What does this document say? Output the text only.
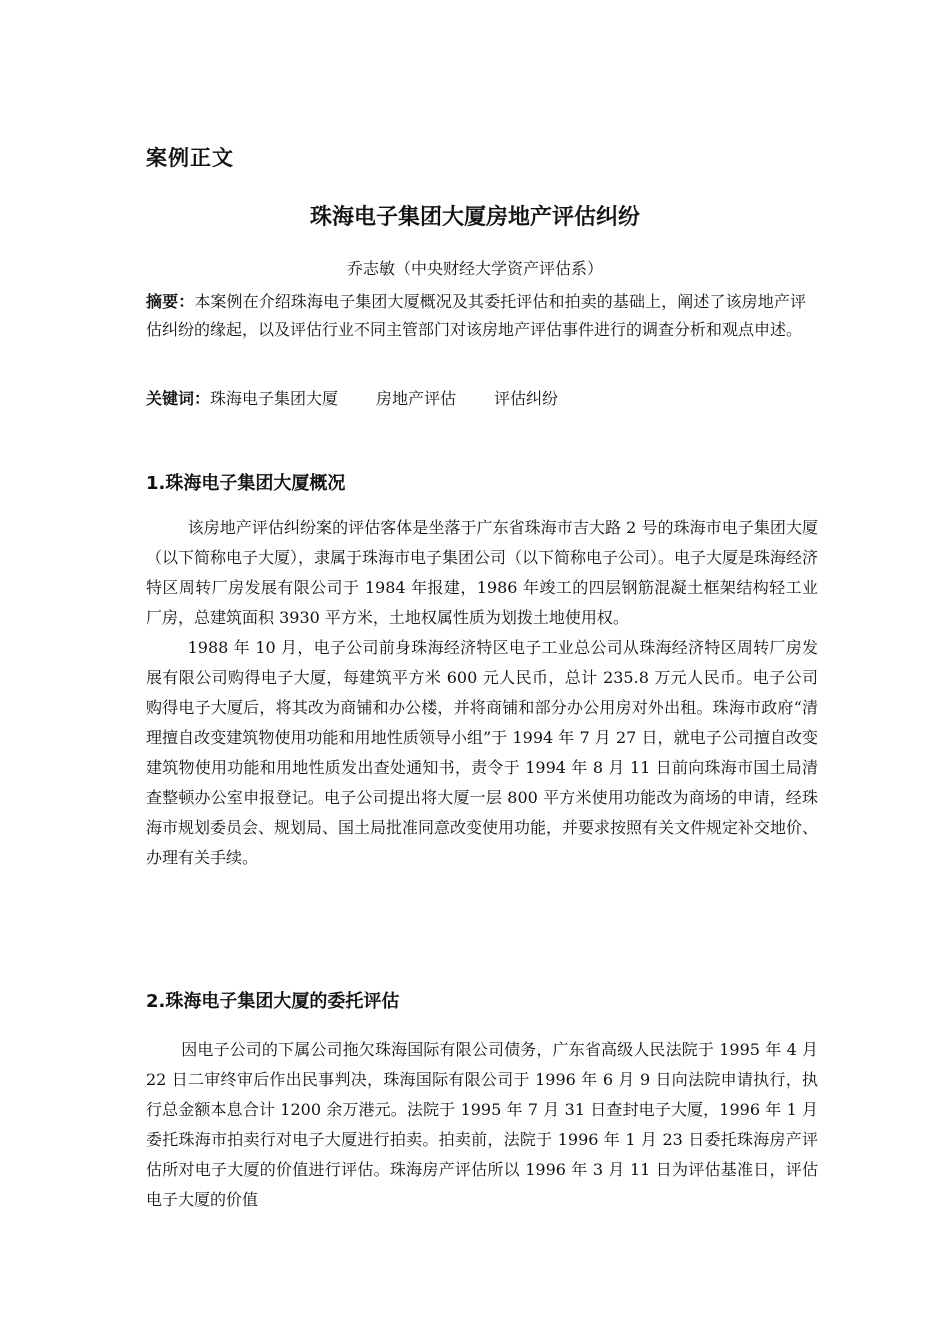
案例正文
珠海电子集团大厦房地产评估纠纷
乔志敏（中央财经大学资产评估系）
摘要：本案例在介绍珠海电子集团大厦概况及其委托评估和拍卖的基础上，阐述了该房地产评估纠纷的缘起，以及评估行业不同主管部门对该房地产评估事件进行的调查分析和观点申述。
关键词：珠海电子集团大厦 房地产评估 评估纠纷
1.珠海电子集团大厦概况

该房地产评估纠纷案的评估客体是坐落于广东省珠海市吉大路 2 号的珠海市电子集团大厦（以下简称电子大厦），隶属于珠海市电子集团公司（以下简称电子公司）。电子大厦是珠海经济特区周转厂房发展有限公司于 1984 年报建，1986 年竣工的四层钢筋混凝土框架结构轻工业厂房，总建筑面积 3930 平方米，土地权属性质为划拨土地使用权。

1988 年 10 月，电子公司前身珠海经济特区电子工业总公司从珠海经济特区周转厂房发展有限公司购得电子大厦，每建筑平方米 600 元人民币，总计 235.8 万元人民币。电子公司购得电子大厦后，将其改为商铺和办公楼，并将商铺和部分办公用房对外出租。珠海市政府“清理擅自改变建筑物使用功能和用地性质领导小组”于 1994 年 7 月 27 日，就电子公司擅自改变建筑物使用功能和用地性质发出查处通知书，责令于 1994 年 8 月 11 日前向珠海市国土局清查整顿办公室申报登记。电子公司提出将大厦一层 800 平方米使用功能改为商场的申请，经珠海市规划委员会、规划局、国土局批准同意改变使用功能，并要求按照有关文件规定补交地价、办理有关手续。

2.珠海电子集团大厦的委托评估

因电子公司的下属公司拖欠珠海国际有限公司债务，广东省高级人民法院于 1995 年 4 月 22 日二审终审后作出民事判决，珠海国际有限公司于 1996 年 6 月 9 日向法院申请执行，执行总金额本息合计 1200 余万港元。法院于 1995 年 7 月 31 日查封电子大厦，1996 年 1 月委托珠海市拍卖行对电子大厦进行拍卖。拍卖前，法院于 1996 年 1 月 23 日委托珠海房产评估所对电子大厦的价值进行评估。珠海房产评估所以 1996 年 3 月 11 日为评估基准日，评估电子大厦的价值
